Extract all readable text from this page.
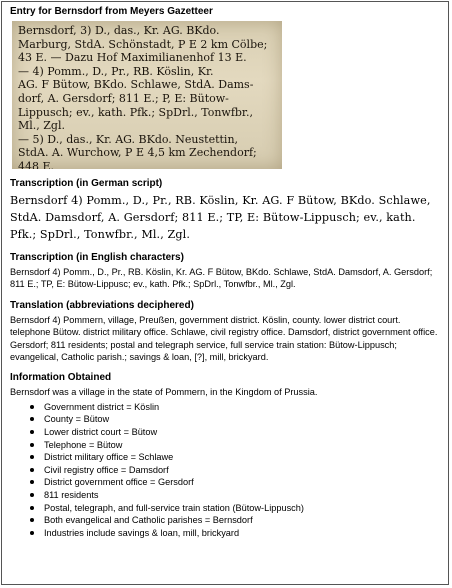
Entry for Bernsdorf from Meyers Gazetteer
Bernsdorf, 3) D., das., Kr. AG. BKdo.
Marburg, StdA. Schönstadt, P E 2 km Cölbe;
43 E. — Dazu Hof Maximilianenhof 13 E.
— 4) Pomm., D., Pr., RB. Köslin, Kr.
AG. F Bütow, BKdo. Schlawe, StdA. Dams-
dorf, A. Gersdorf; 811 E.; P, E: Bütow-
Lippusch; ev., kath. Pfk.; SpDrl., Tonwfbr.,
Ml., Zgl.
— 5) D., das., Kr. AG. BKdo. Neustettin,
StdA. A. Wurchow, P E 4,5 km Zechendorf;
448 E.
Transcription (in German script)
Bernsdorf 4) Pomm., D., Pr., RB. Köslin, Kr. AG. F Bütow, BKdo. Schlawe, StdA. Damsdorf, A. Gersdorf; 811 E.; TP, E: Bütow-Lippusch; ev., kath. Pfk.; SpDrl., Tonwfbr., Ml., Zgl.
Transcription (in English characters)
Bernsdorf 4) Pomm., D., Pr., RB. Köslin, Kr. AG. F Bütow, BKdo. Schlawe, StdA. Damsdorf, A. Gersdorf; 811 E.; TP, E: Bütow-Lippusc; ev., kath. Pfk.; SpDrl., Tonwfbr., Ml., Zgl.
Translation (abbreviations deciphered)
Bernsdorf 4) Pommern, village, Preußen, government district. Köslin, county. lower district court. telephone Bütow. district military office. Schlawe, civil registry office. Damsdorf, district government office. Gersdorf; 811 residents; postal and telegraph service, full service train station: Bütow-Lippusch; evangelical, Catholic parish.; savings & loan, [?], mill, brickyard.
Information Obtained
Bernsdorf was a village in the state of Pommern, in the Kingdom of Prussia.
Government district = Köslin
County = Bütow
Lower district court = Bütow
Telephone = Bütow
District military office = Schlawe
Civil registry office = Damsdorf
District government office = Gersdorf
811 residents
Postal, telegraph, and full-service train station (Bütow-Lippusch)
Both evangelical and Catholic parishes = Bernsdorf
Industries include savings & loan, mill, brickyard
